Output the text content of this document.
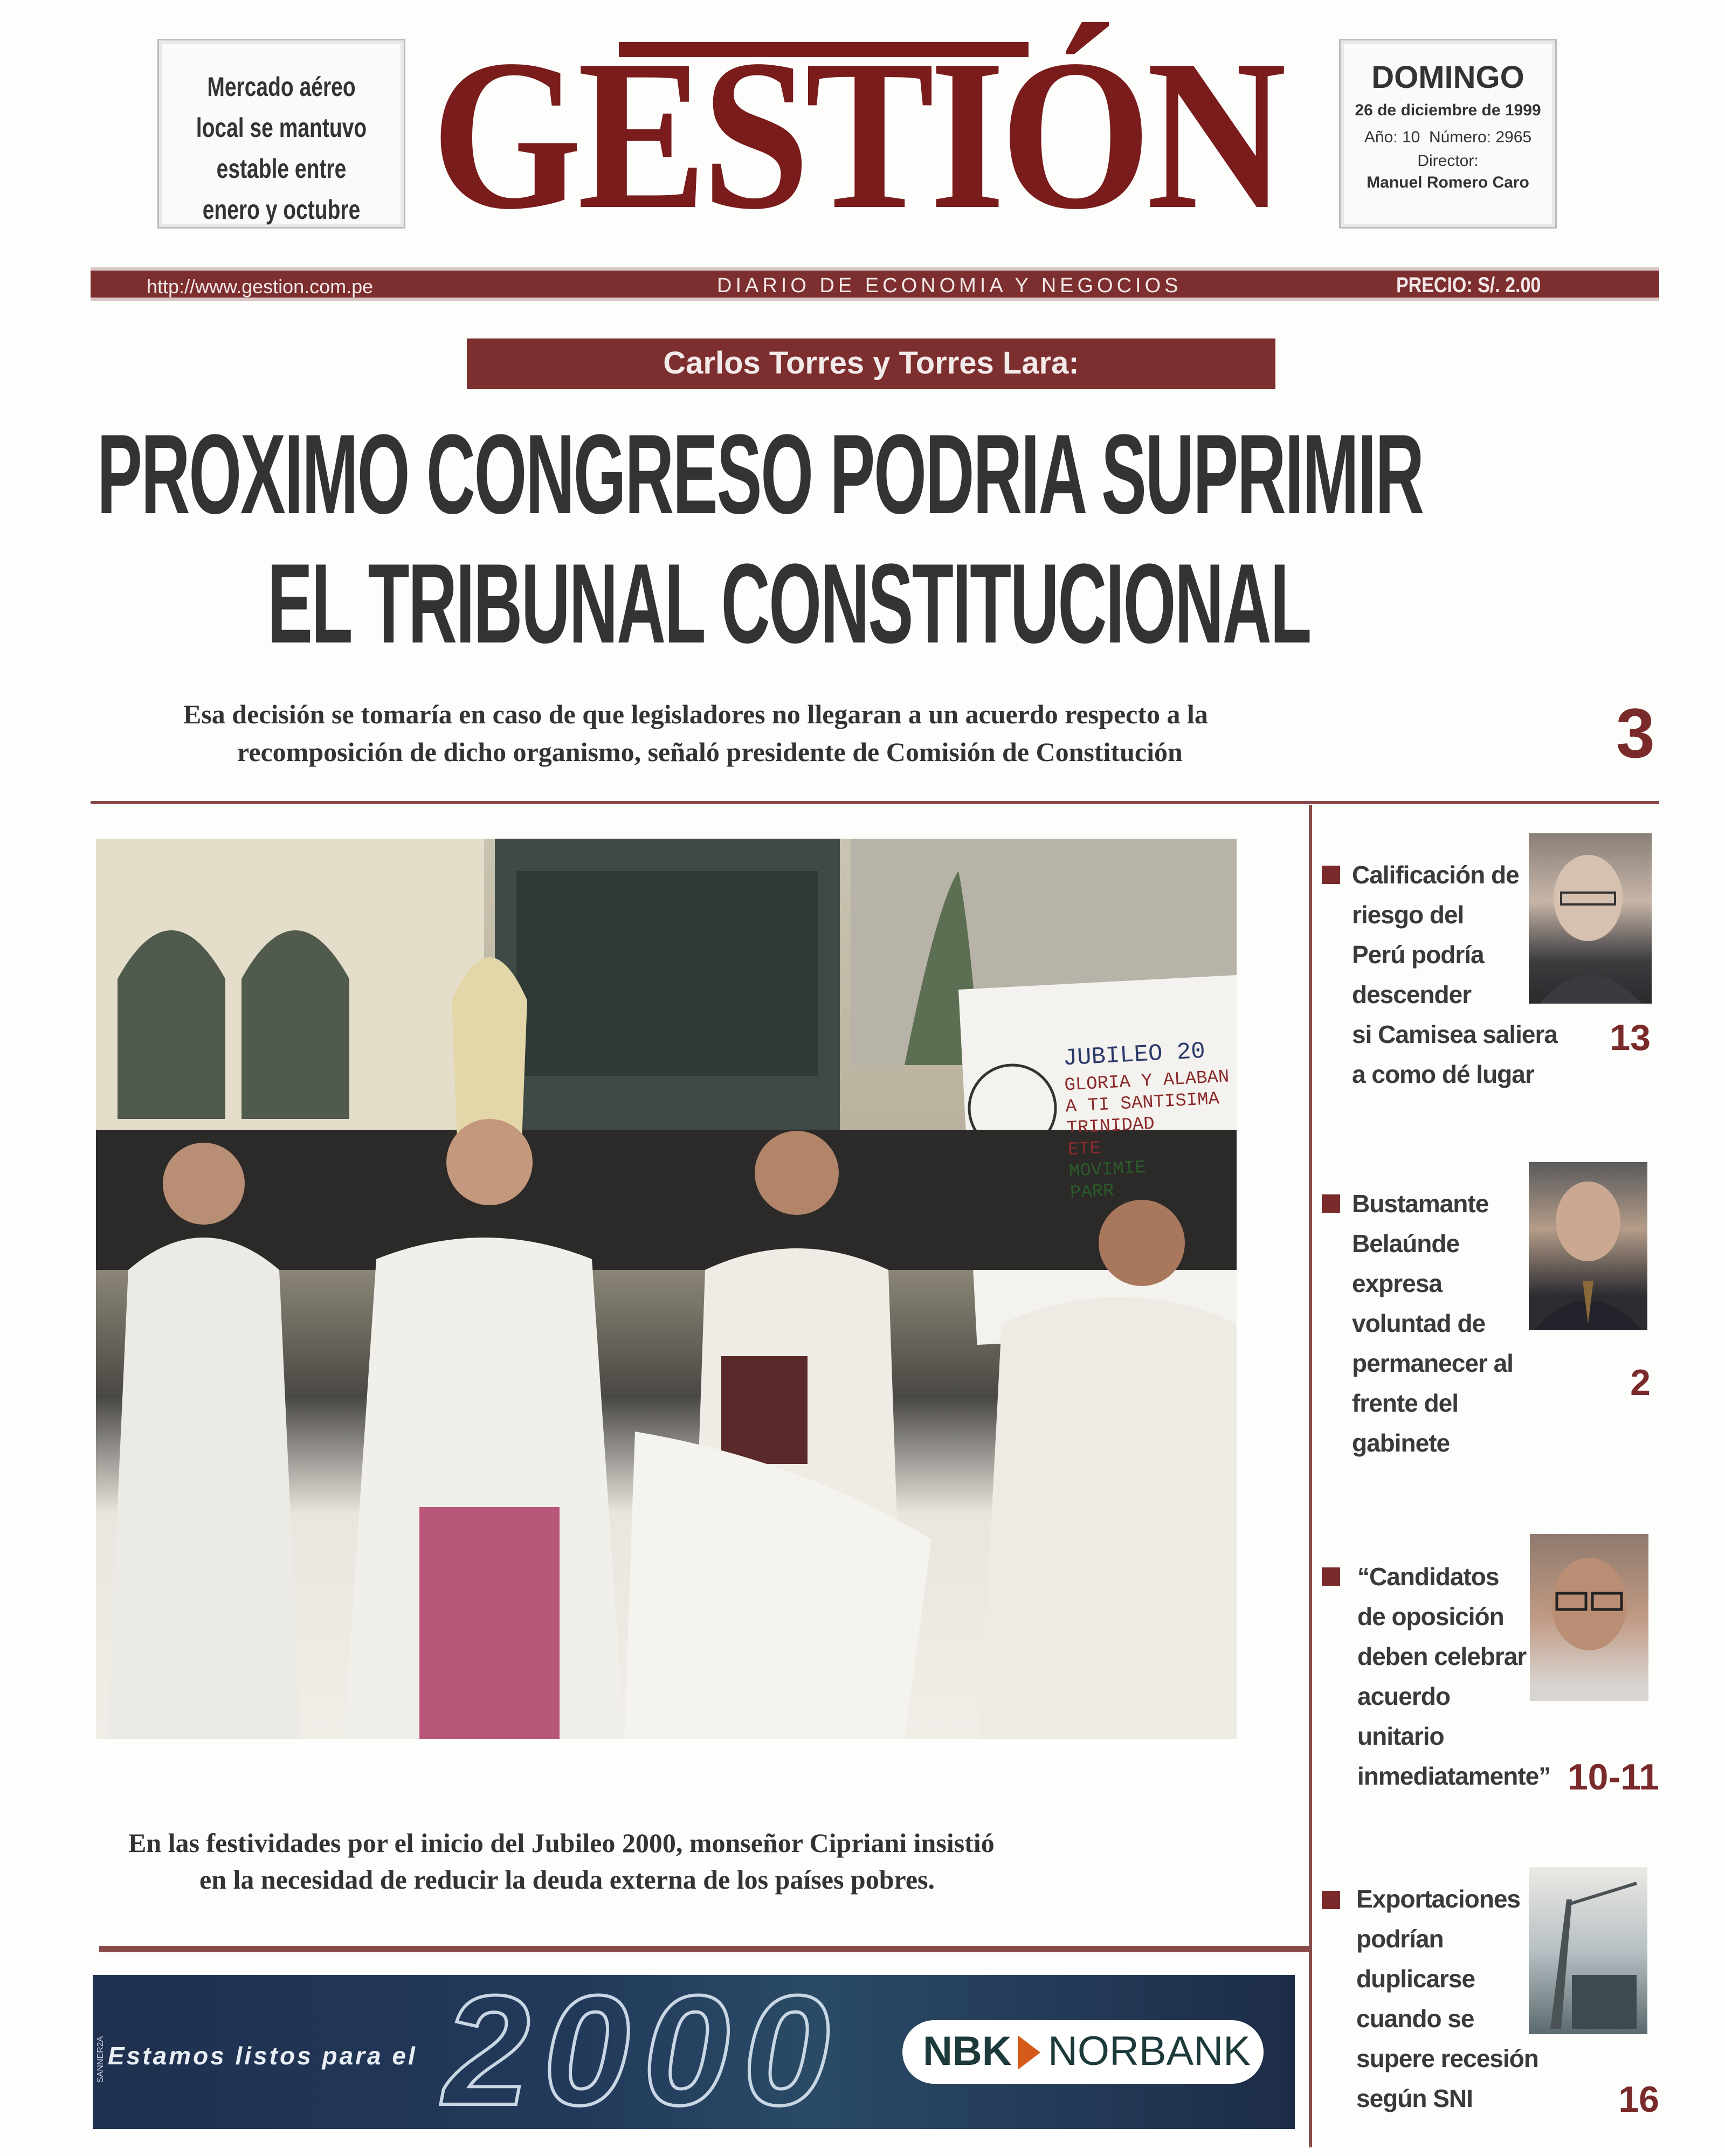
Mercado aéreo
local se mantuvo
estable entre
enero y octubre GESTIÓN	DOMINGO
26 de diciembre de 1999
Año: 10 Número: 2965
Director:
Manuel Romero Caro
http://www.gestion.com.pe	DIARIO DE ECONOMIA Y NEGOCIOS	PRECIO: S/. 2.00
Carlos Torres y Torres Lara:
PROXIMO CONGRESO PODRIA SUPRIMIR
EL TRIBUNAL CONSTITUCIONAL
Esa decisión se tomaría en caso de que legisladores no llegaran a un acuerdo respecto a la
recomposición de dicho organismo, señaló presidente de Comisión de Constitución	3
JUBILEO 20
GLORIA Y ALABAN
A TI SANTISIMA
TRINIDAD
ETE
MOVIMIE
PARR
En las festividades por el inicio del Jubileo 2000, monseñor Cipriani insistió
en la necesidad de reducir la deuda externa de los países pobres.
Calificación de
riesgo del
Perú podría
descender
si Camisea saliera
a como dé lugar
13
Bustamante
Belaúnde
expresa
voluntad de
permanecer al
frente del
gabinete
2
“Candidatos
de oposición
deben celebrar
acuerdo
unitario
inmediatamente” 10-11
Exportaciones
podrían
duplicarse
cuando se
supere recesión
según SNI	16
Estamos listos para el 2000 NBK NORBANK
SANNER2A
